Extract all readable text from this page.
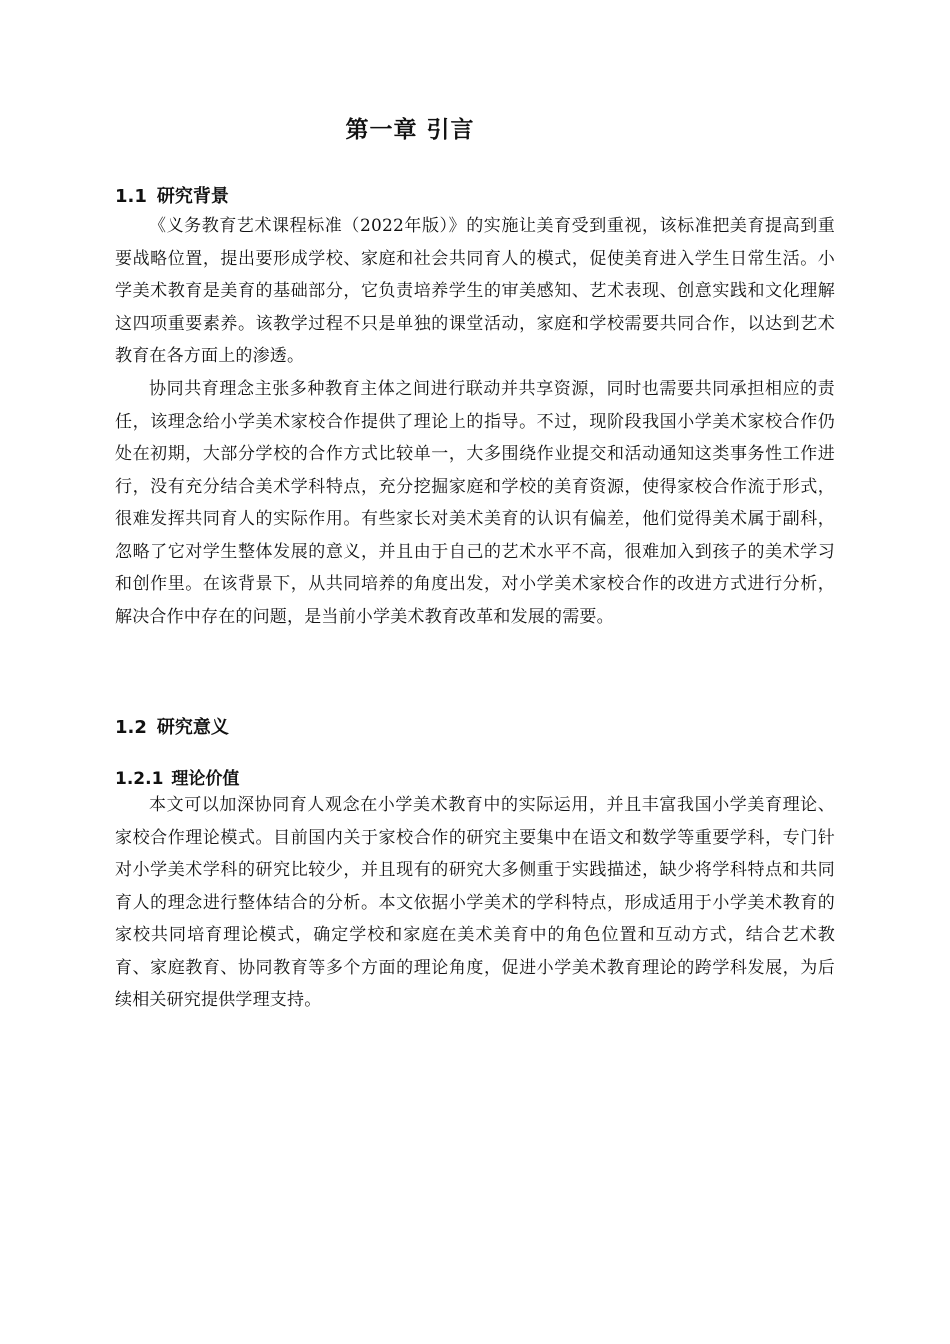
第一章 引言
1.1 研究背景

《义务教育艺术课程标准（2022年版）》的实施让美育受到重视，该标准把美育提高到重要战略位置，提出要形成学校、家庭和社会共同育人的模式，促使美育进入学生日常生活。小学美术教育是美育的基础部分，它负责培养学生的审美感知、艺术表现、创意实践和文化理解这四项重要素养。该教学过程不只是单独的课堂活动，家庭和学校需要共同合作，以达到艺术教育在各方面上的渗透。

协同共育理念主张多种教育主体之间进行联动并共享资源，同时也需要共同承担相应的责任，该理念给小学美术家校合作提供了理论上的指导。不过，现阶段我国小学美术家校合作仍处在初期，大部分学校的合作方式比较单一，大多围绕作业提交和活动通知这类事务性工作进行，没有充分结合美术学科特点，充分挖掘家庭和学校的美育资源，使得家校合作流于形式，很难发挥共同育人的实际作用。有些家长对美术美育的认识有偏差，他们觉得美术属于副科，忽略了它对学生整体发展的意义，并且由于自己的艺术水平不高，很难加入到孩子的美术学习和创作里。在该背景下，从共同培养的角度出发，对小学美术家校合作的改进方式进行分析，解决合作中存在的问题，是当前小学美术教育改革和发展的需要。

1.2 研究意义
1.2.1 理论价值

本文可以加深协同育人观念在小学美术教育中的实际运用，并且丰富我国小学美育理论、家校合作理论模式。目前国内关于家校合作的研究主要集中在语文和数学等重要学科，专门针对小学美术学科的研究比较少，并且现有的研究大多侧重于实践描述，缺少将学科特点和共同育人的理念进行整体结合的分析。本文依据小学美术的学科特点，形成适用于小学美术教育的家校共同培育理论模式，确定学校和家庭在美术美育中的角色位置和互动方式，结合艺术教育、家庭教育、协同教育等多个方面的理论角度，促进小学美术教育理论的跨学科发展，为后续相关研究提供学理支持。
